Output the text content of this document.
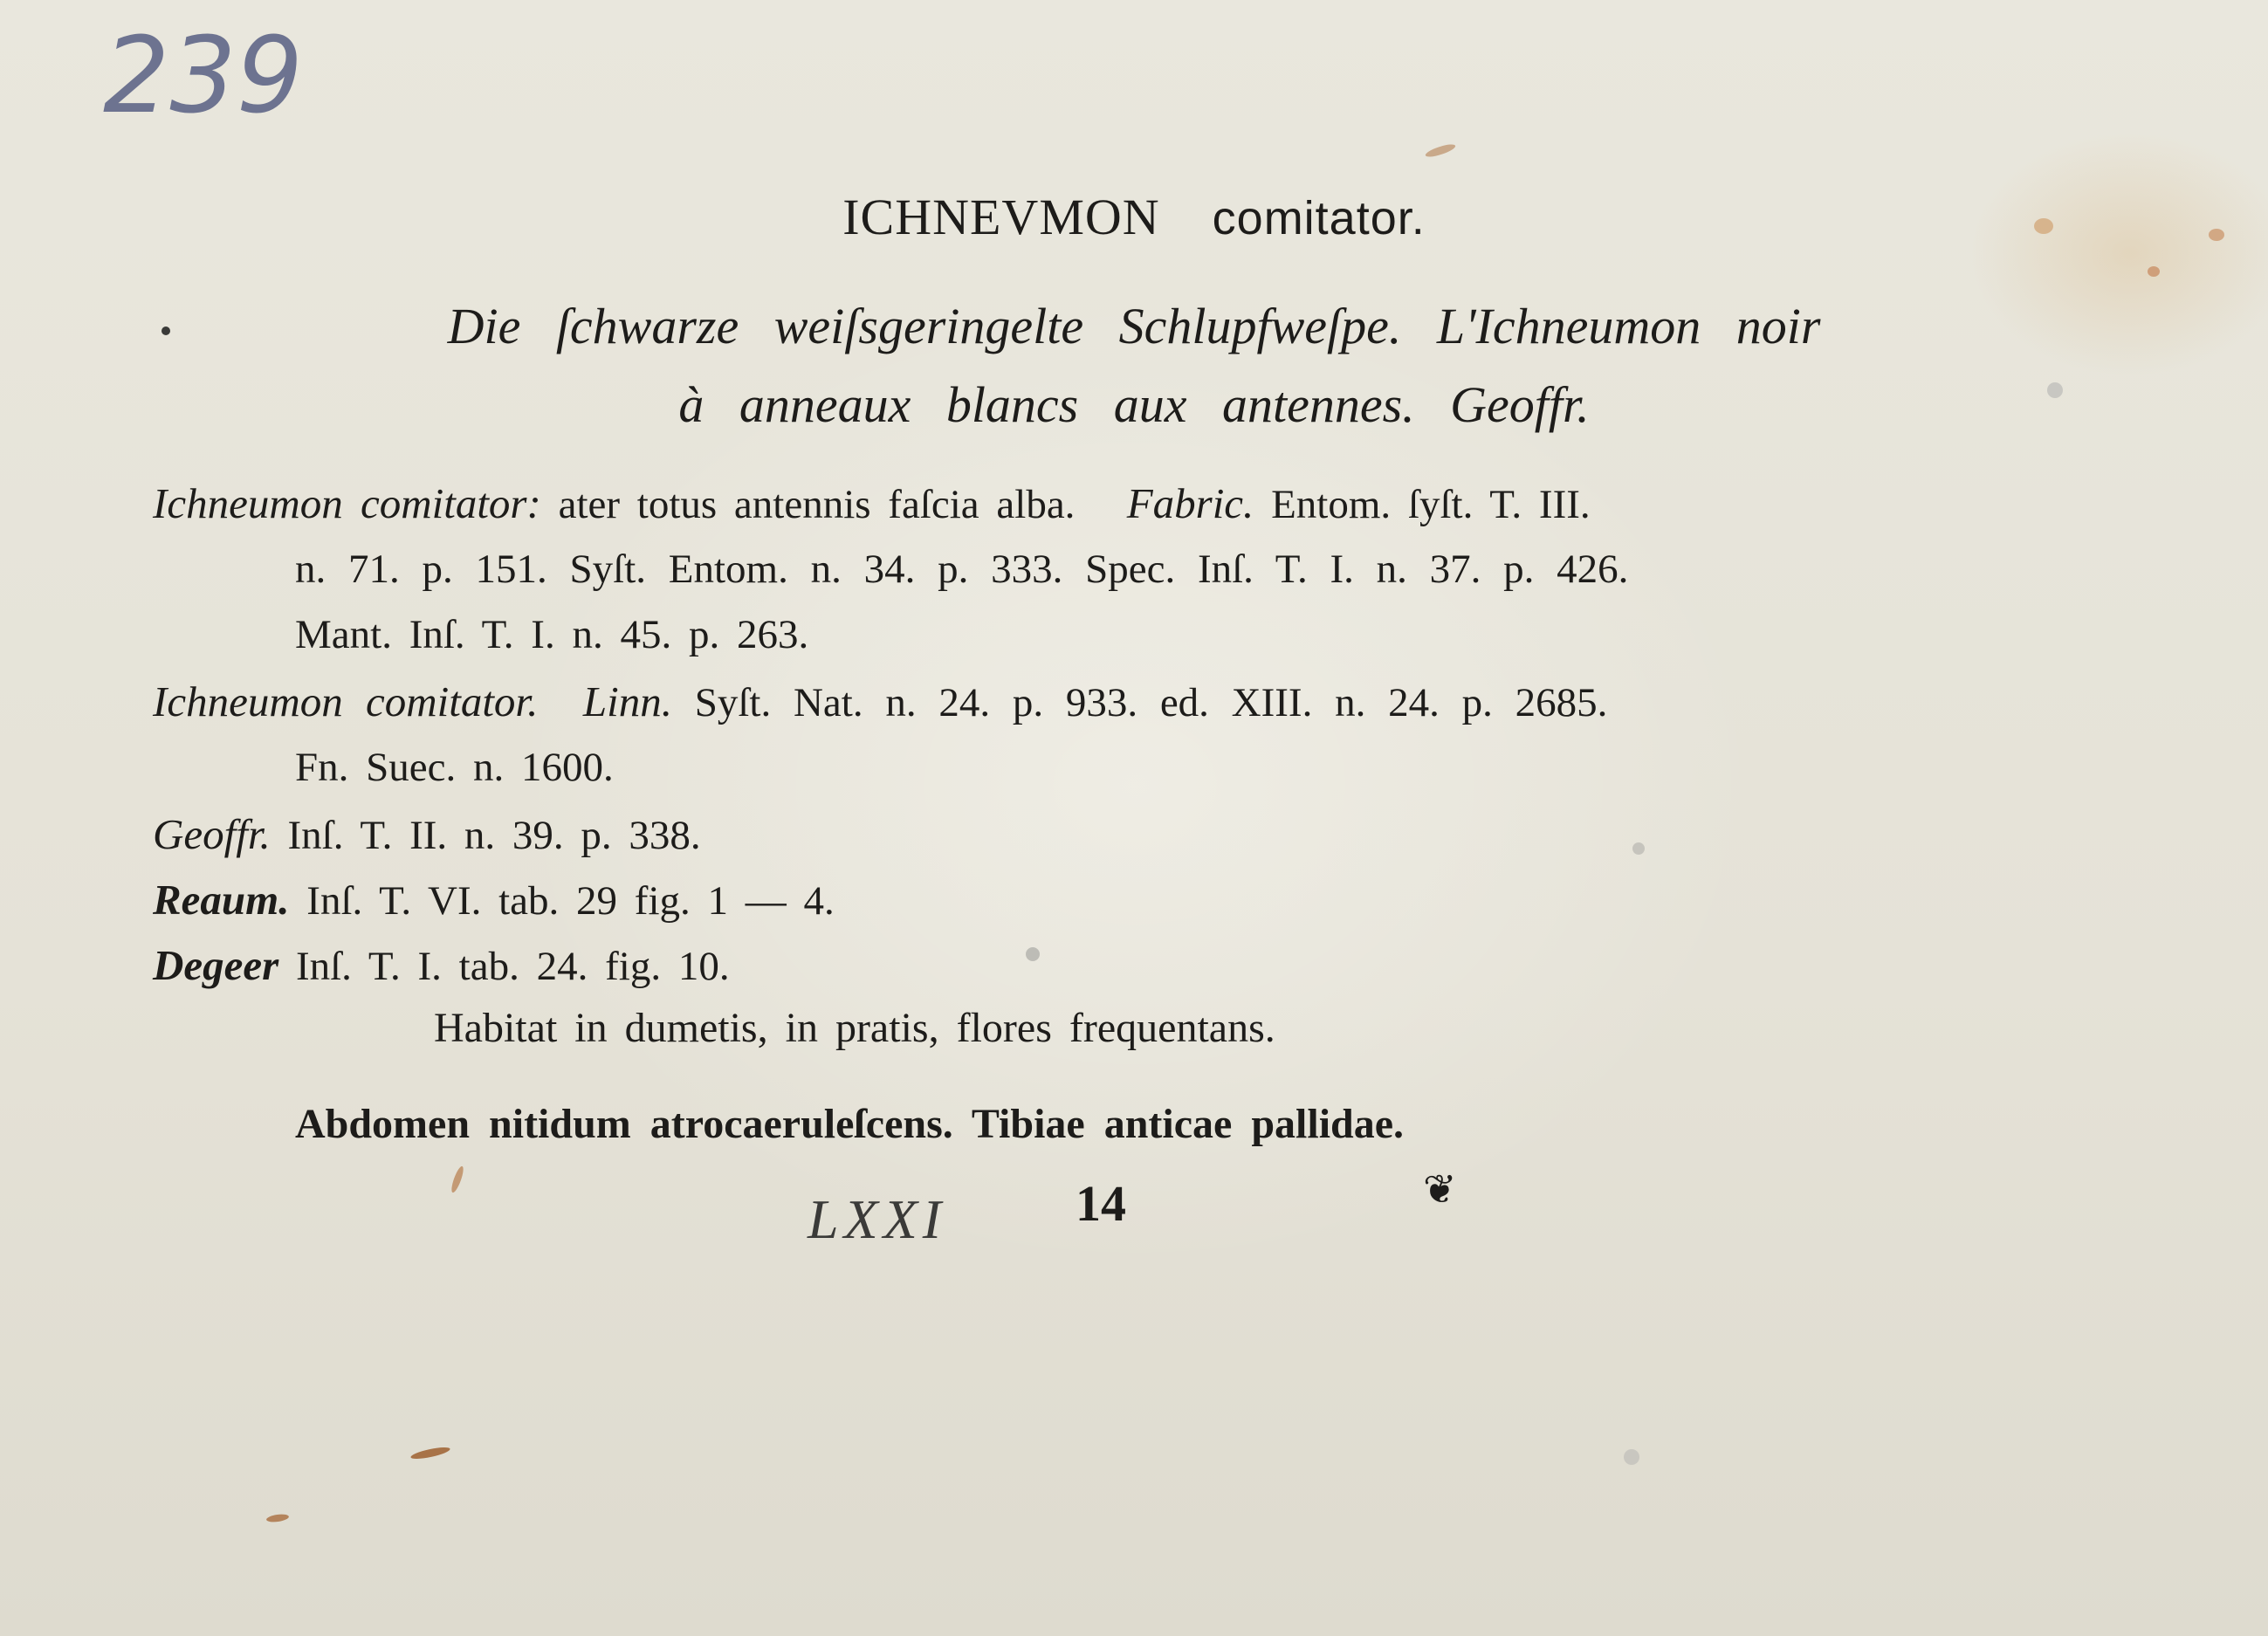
239
ICHNEVMON comitator.
Die ſchwarze weiſsgeringelte Schlupfweſpe. L'Ichneumon noir
à anneaux blancs aux antennes. Geoffr.
Ichneumon comitator: ater totus antennis faſcia alba. Fabric. Entom. ſyſt. T. III.
n. 71. p. 151. Syſt. Entom. n. 34. p. 333. Spec. Inſ. T. I. n. 37. p. 426.
Mant. Inſ. T. I. n. 45. p. 263.
Ichneumon comitator. Linn. Syſt. Nat. n. 24. p. 933. ed. XIII. n. 24. p. 2685.
Fn. Suec. n. 1600.
Geoffr. Inſ. T. II. n. 39. p. 338.
Reaum. Inſ. T. VI. tab. 29 fig. 1 — 4.
Degeer Inſ. T. I. tab. 24. fig. 10.
Habitat in dumetis, in pratis, flores frequentans.
Abdomen nitidum atrocaeruleſcens. Tibiae anticae pallidae.
LXXI	14	❦
